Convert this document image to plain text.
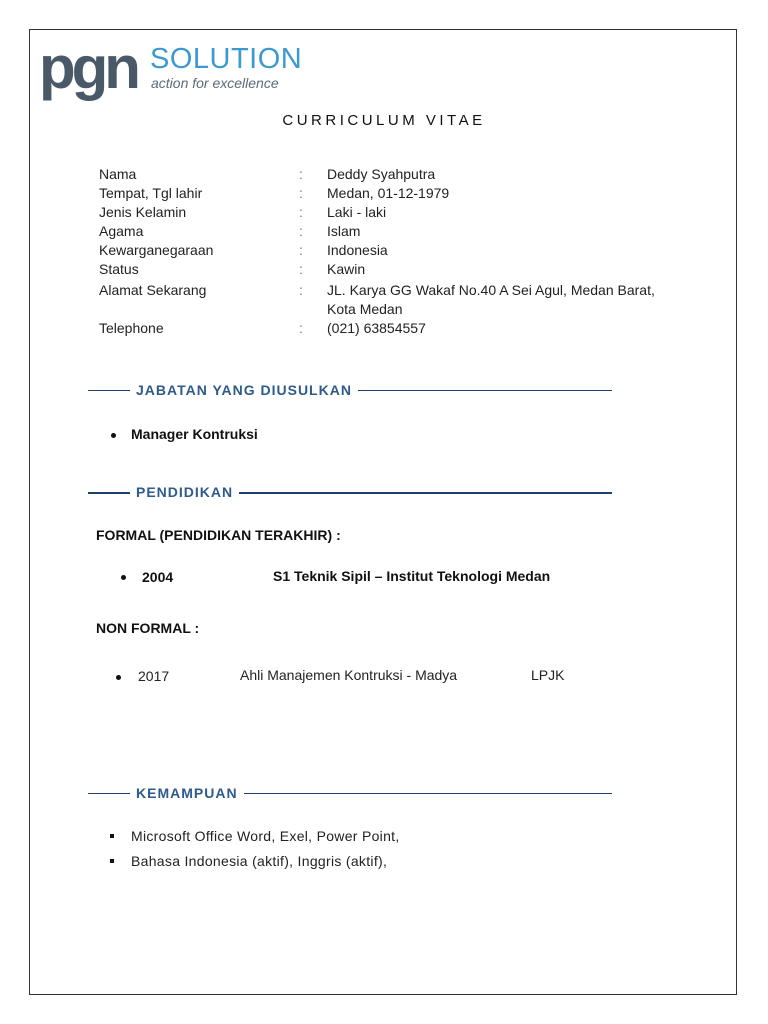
pgn SOLUTION
action for excellence
CURRICULUM VITAE
Nama	: Deddy Syahputra
Tempat, Tgl lahir	: Medan, 01-12-1979
Jenis Kelamin	: Laki - laki
Agama	: Islam
Kewarganegaraan	: Indonesia
Status	: Kawin
Alamat Sekarang	: JL. Karya GG Wakaf No.40 A Sei Agul, Medan Barat,
Kota Medan
Telephone	: (021) 63854557
JABATAN YANG DIUSULKAN
Manager Kontruksi
PENDIDIKAN
FORMAL (PENDIDIKAN TERAKHIR) :
2004	S1 Teknik Sipil – Institut Teknologi Medan
NON FORMAL :
2017	Ahli Manajemen Kontruksi - Madya	LPJK
KEMAMPUAN
Microsoft Office Word, Exel, Power Point,
Bahasa Indonesia (aktif), Inggris (aktif),
